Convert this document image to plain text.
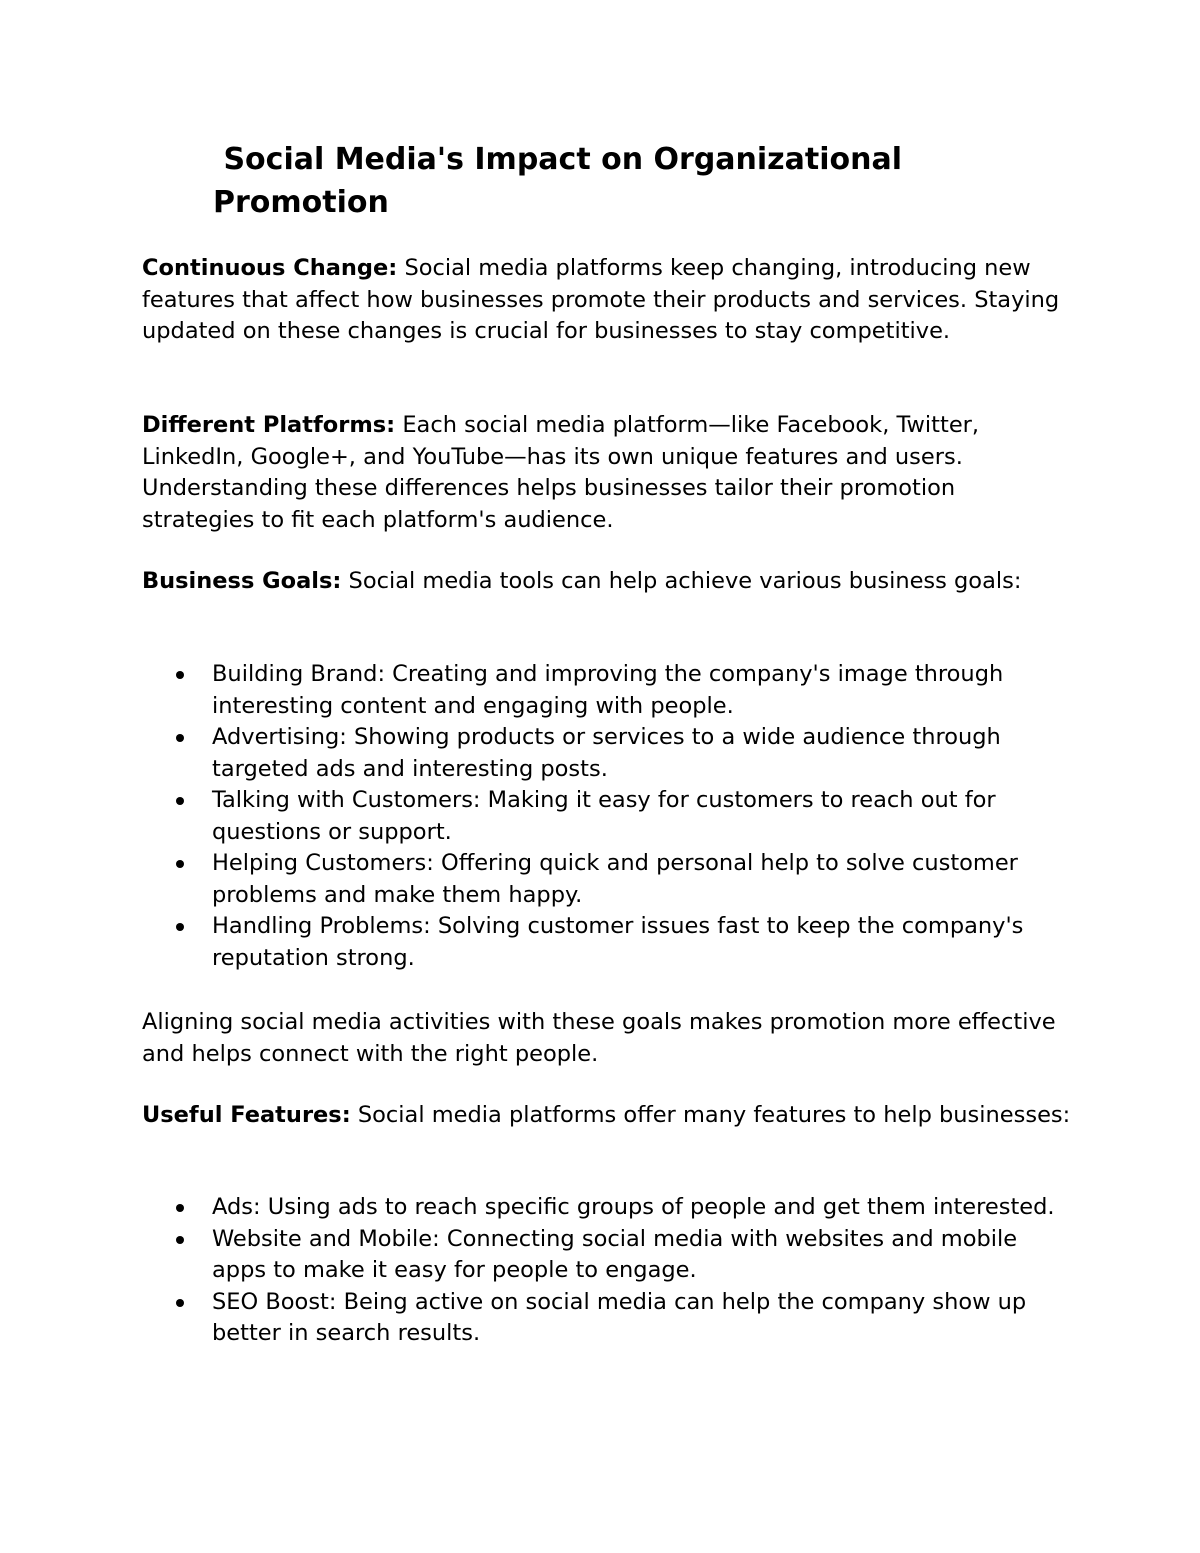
Social Media's Impact on Organizational Promotion

Continuous Change: Social media platforms keep changing, introducing new features that affect how businesses promote their products and services. Staying updated on these changes is crucial for businesses to stay competitive.

Different Platforms: Each social media platform—like Facebook, Twitter, LinkedIn, Google+, and YouTube—has its own unique features and users. Understanding these differences helps businesses tailor their promotion strategies to fit each platform's audience.

Business Goals: Social media tools can help achieve various business goals:

Building Brand: Creating and improving the company's image through interesting content and engaging with people.
Advertising: Showing products or services to a wide audience through targeted ads and interesting posts.
Talking with Customers: Making it easy for customers to reach out for questions or support.
Helping Customers: Offering quick and personal help to solve customer problems and make them happy.
Handling Problems: Solving customer issues fast to keep the company's reputation strong.

Aligning social media activities with these goals makes promotion more effective and helps connect with the right people.

Useful Features: Social media platforms offer many features to help businesses:

Ads: Using ads to reach specific groups of people and get them interested.
Website and Mobile: Connecting social media with websites and mobile apps to make it easy for people to engage.
SEO Boost: Being active on social media can help the company show up better in search results.
